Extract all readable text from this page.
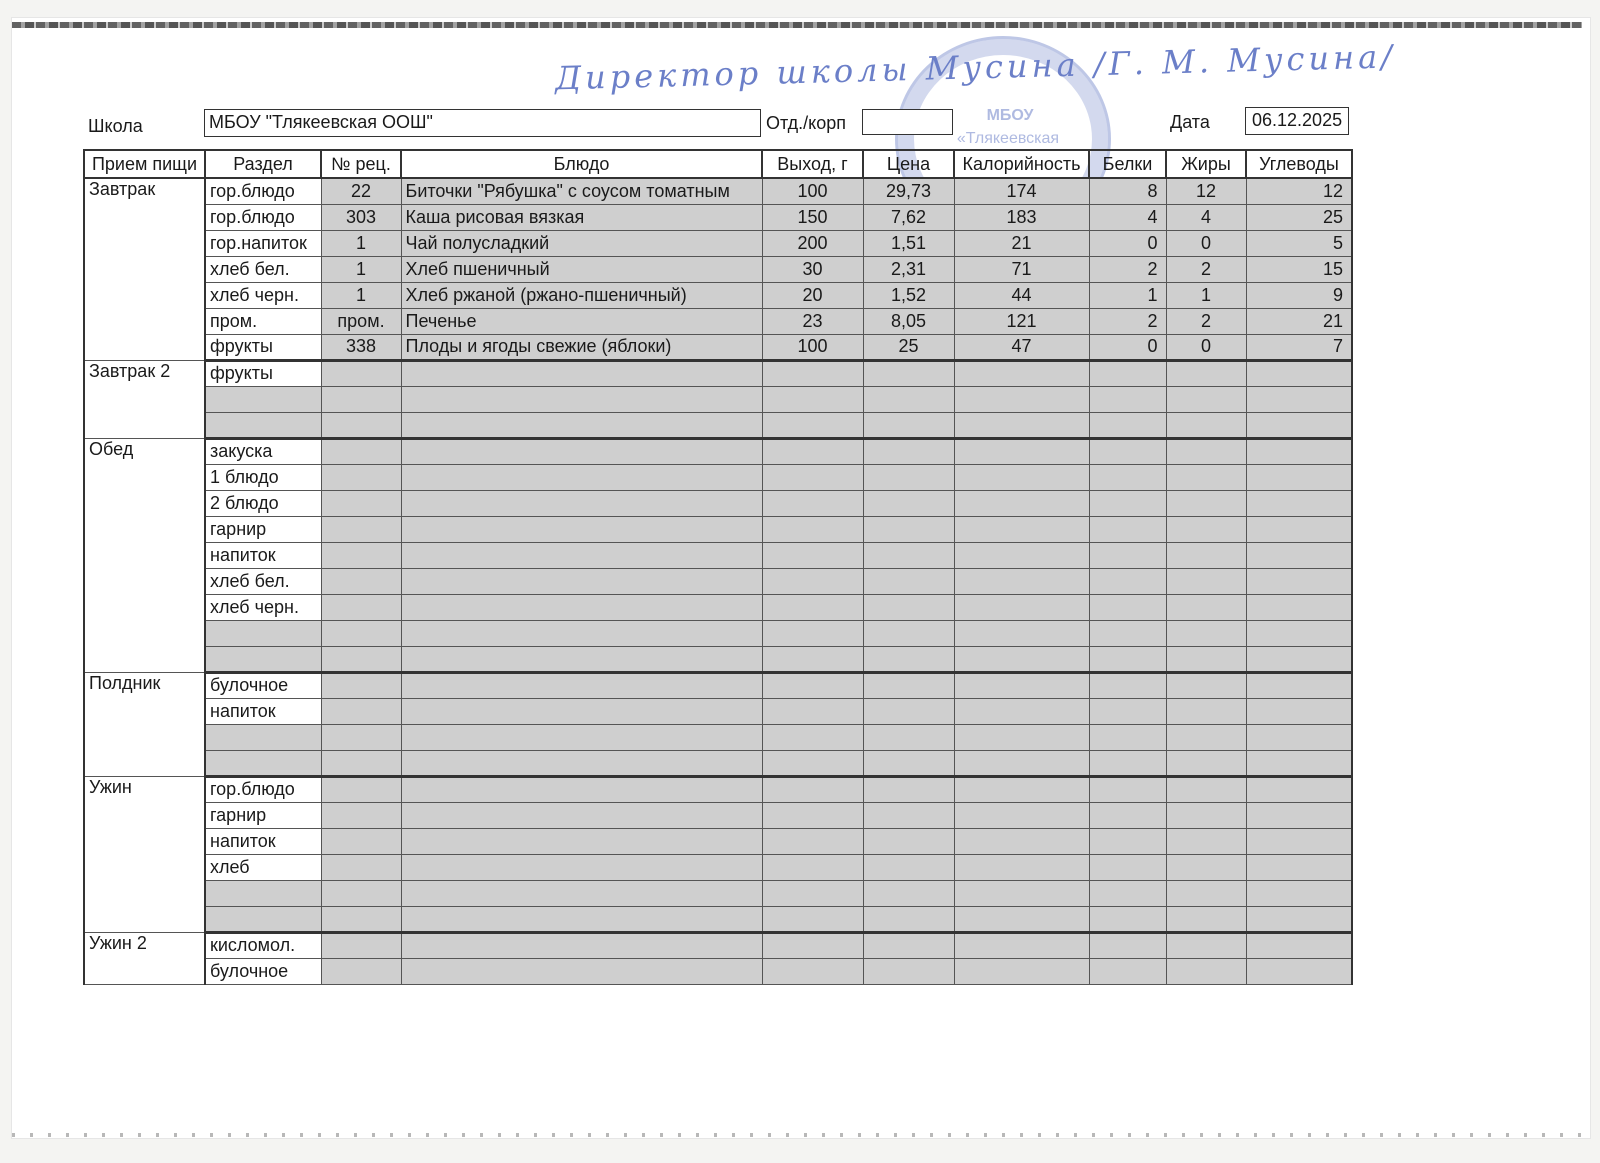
МБОУ
«Тлякеевская
Директор школы Мусина /Г. М. Мусина/
Школа	МБОУ "Тлякеевская ООШ"	Отд./корп	Дата	06.12.2025
Прием пищи	Раздел	№ рец.	Блюдо	Выход, г	Цена	Калорийность	Белки	Жиры	Углеводы
Завтрак	гор.блюдо	22	Биточки "Рябушка" с соусом томатным	100	29,73	174	8	12	12
	гор.блюдо	303	Каша рисовая вязкая	150	7,62	183	4	4	25
	гор.напиток	1	Чай полусладкий	200	1,51	21	0	0	5
	хлеб бел.	1	Хлеб пшеничный	30	2,31	71	2	2	15
	хлеб черн.	1	Хлеб ржаной (ржано-пшеничный)	20	1,52	44	1	1	9
	пром.	пром.	Печенье	23	8,05	121	2	2	21
	фрукты	338	Плоды и ягоды свежие (яблоки)	100	25	47	0	0	7
Завтрак 2	фрукты								

Обед	закуска								
	1 блюдо								
	2 блюдо								
	гарнир								
	напиток								
	хлеб бел.								
	хлеб черн.								

Полдник	булочное								
	напиток								

Ужин	гор.блюдо								
	гарнир								
	напиток								
	хлеб								

Ужин 2	кисломол.								
	булочное								
